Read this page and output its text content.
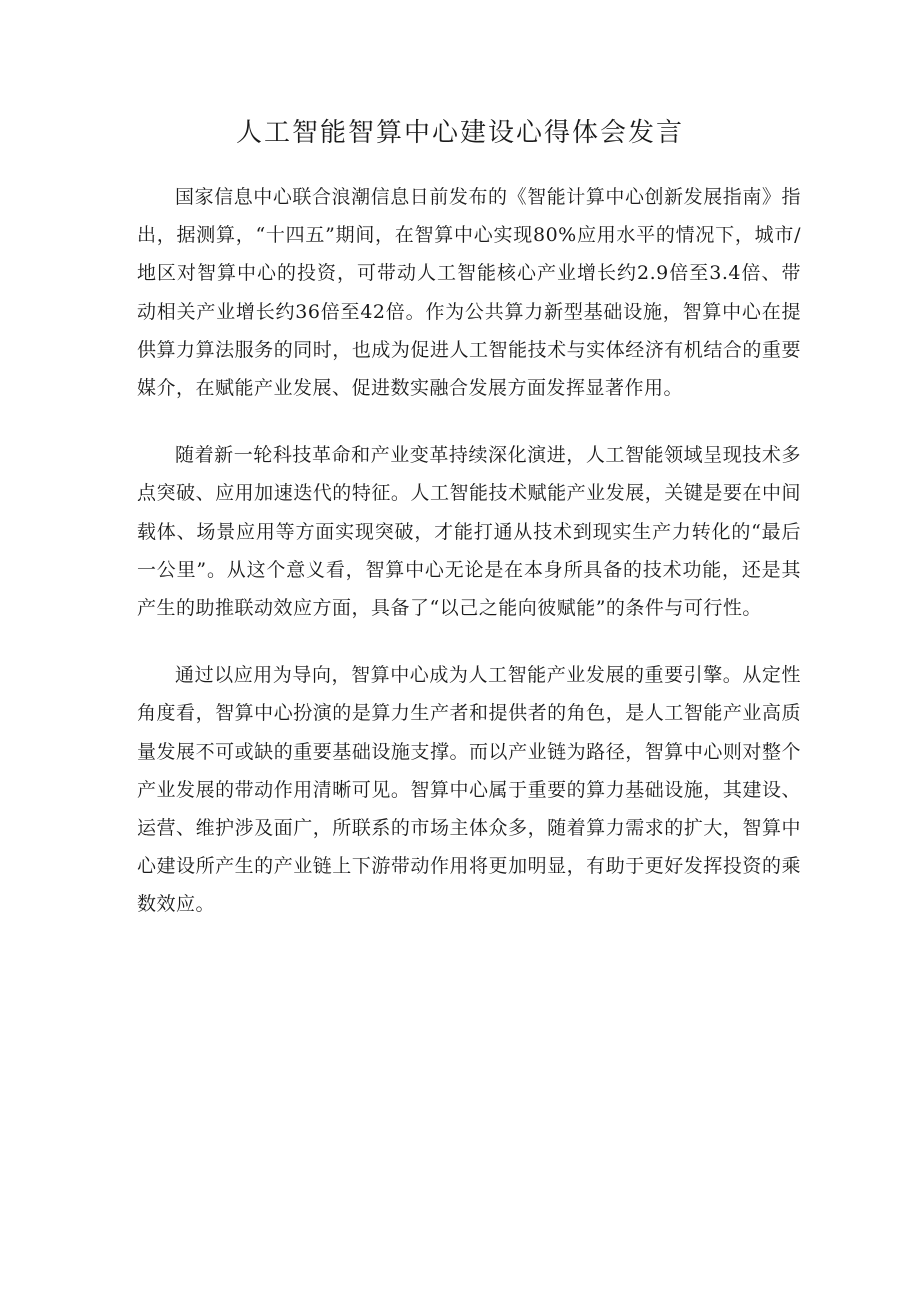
人工智能智算中心建设心得体会发言

国家信息中心联合浪潮信息日前发布的《智能计算中心创新发展指南》指出，据测算，“十四五”期间，在智算中心实现80%应用水平的情况下，城市/地区对智算中心的投资，可带动人工智能核心产业增长约2.9倍至3.4倍、带动相关产业增长约36倍至42倍。作为公共算力新型基础设施，智算中心在提供算力算法服务的同时，也成为促进人工智能技术与实体经济有机结合的重要媒介，在赋能产业发展、促进数实融合发展方面发挥显著作用。

随着新一轮科技革命和产业变革持续深化演进，人工智能领域呈现技术多点突破、应用加速迭代的特征。人工智能技术赋能产业发展，关键是要在中间载体、场景应用等方面实现突破，才能打通从技术到现实生产力转化的“最后一公里”。从这个意义看，智算中心无论是在本身所具备的技术功能，还是其产生的助推联动效应方面，具备了“以己之能向彼赋能”的条件与可行性。

通过以应用为导向，智算中心成为人工智能产业发展的重要引擎。从定性角度看，智算中心扮演的是算力生产者和提供者的角色，是人工智能产业高质量发展不可或缺的重要基础设施支撑。而以产业链为路径，智算中心则对整个产业发展的带动作用清晰可见。智算中心属于重要的算力基础设施，其建设、运营、维护涉及面广，所联系的市场主体众多，随着算力需求的扩大，智算中心建设所产生的产业链上下游带动作用将更加明显，有助于更好发挥投资的乘数效应。
